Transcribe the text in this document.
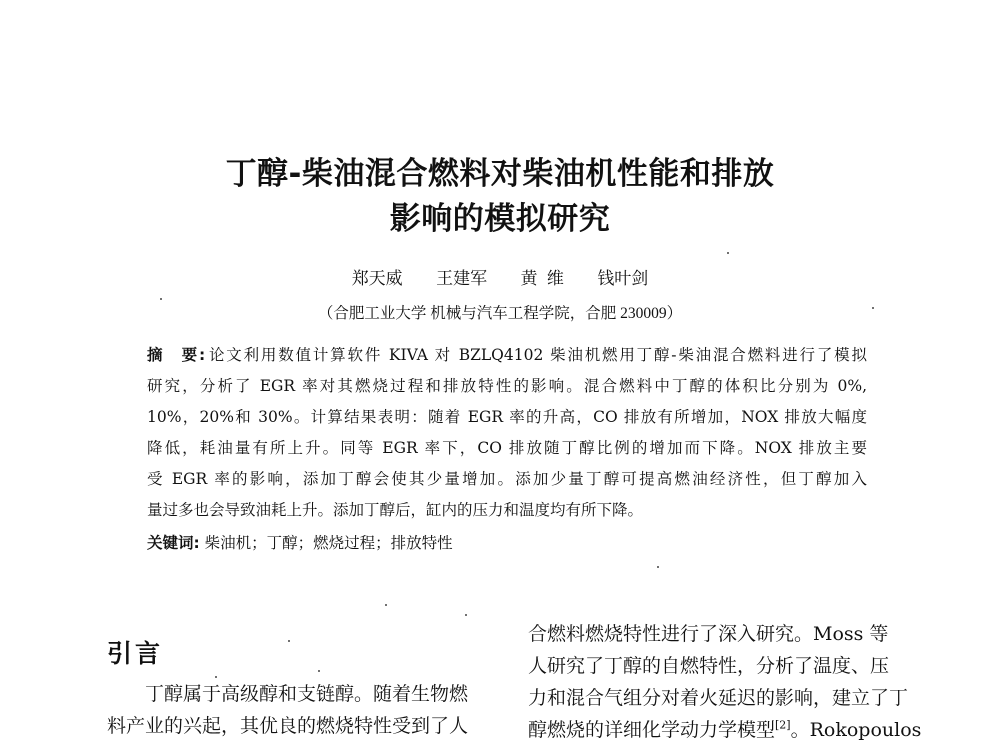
丁醇-柴油混合燃料对柴油机性能和排放
影响的模拟研究
郑天威 王建军 黄 维 钱叶剑
（合肥工业大学 机械与汽车工程学院，合肥 230009）
摘　要: 论文利用数值计算软件 KIVA 对 BZLQ4102 柴油机燃用丁醇-柴油混合燃料进行了模拟
研究，分析了 EGR 率对其燃烧过程和排放特性的影响。混合燃料中丁醇的体积比分别为 0%,
10%，20%和 30%。计算结果表明：随着 EGR 率的升高，CO 排放有所增加，NOX 排放大幅度
降低，耗油量有所上升。同等 EGR 率下，CO 排放随丁醇比例的增加而下降。NOX 排放主要
受 EGR 率的影响，添加丁醇会使其少量增加。添加少量丁醇可提高燃油经济性，但丁醇加入
量过多也会导致油耗上升。添加丁醇后，缸内的压力和温度均有所下降。
关键词: 柴油机；丁醇；燃烧过程；排放特性
引言
丁醇属于高级醇和支链醇。随着生物燃
料产业的兴起，其优良的燃烧特性受到了人
合燃料燃烧特性进行了深入研究。Moss 等
人研究了丁醇的自燃特性，分析了温度、压
力和混合气组分对着火延迟的影响，建立了丁
醇燃烧的详细化学动力学模型[2]。Rokopoulos
